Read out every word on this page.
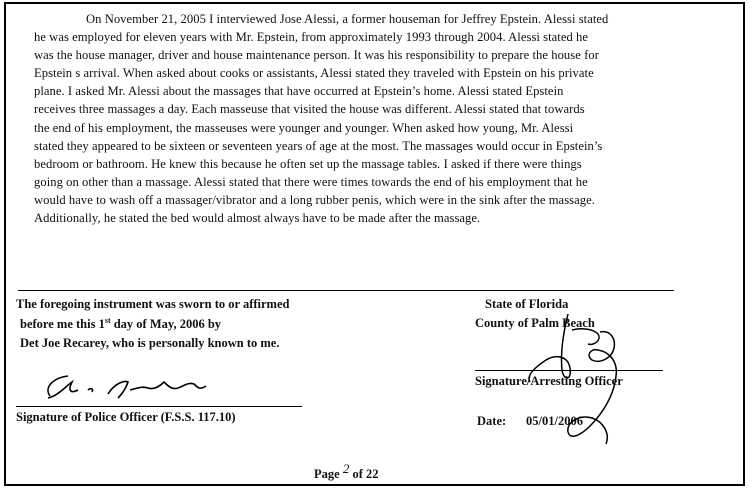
On November 21, 2005 I interviewed Jose Alessi, a former houseman for Jeffrey Epstein. Alessi stated
he was employed for eleven years with Mr. Epstein, from approximately 1993 through 2004. Alessi stated he
was the house manager, driver and house maintenance person. It was his responsibility to prepare the house for
Epstein s arrival. When asked about cooks or assistants, Alessi stated they traveled with Epstein on his private
plane. I asked Mr. Alessi about the massages that have occurred at Epstein’s home. Alessi stated Epstein
receives three massages a day. Each masseuse that visited the house was different. Alessi stated that towards
the end of his employment, the masseuses were younger and younger. When asked how young, Mr. Alessi
stated they appeared to be sixteen or seventeen years of age at the most. The massages would occur in Epstein’s
bedroom or bathroom. He knew this because he often set up the massage tables. I asked if there were things
going on other than a massage. Alessi stated that there were times towards the end of his employment that he
would have to wash off a massager/vibrator and a long rubber penis, which were in the sink after the massage.
Additionally, he stated the bed would almost always have to be made after the massage.
The foregoing instrument was sworn to or affirmed
before me this 1st day of May, 2006 by
Det Joe Recarey, who is personally known to me.
Signature of Police Officer (F.S.S. 117.10)
State of Florida
County of Palm Beach
Signature/Arresting Officer
Date: 05/01/2006
Page 2 of 22
